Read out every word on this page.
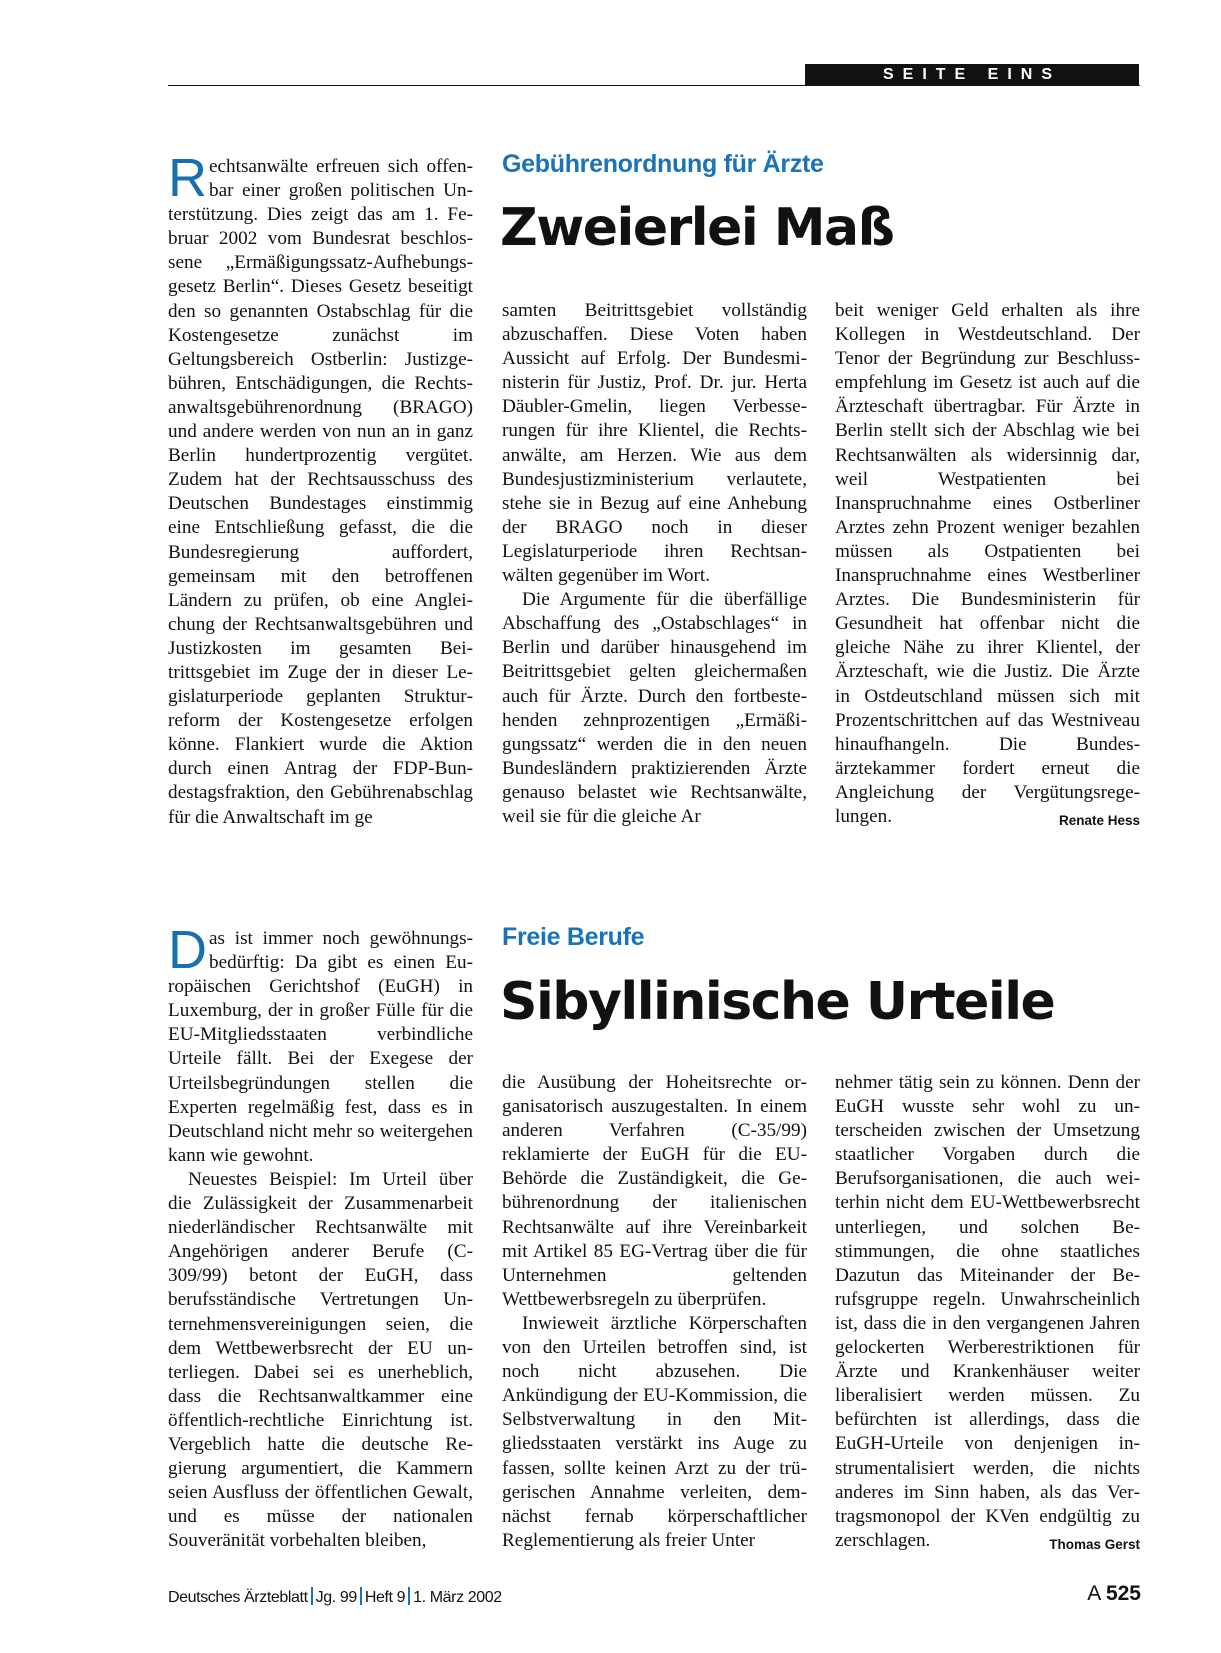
SEITE EINS
Gebührenordnung für Ärzte
Zweierlei Maß

Rechtsanwälte erfreuen sich offenbar einer großen politischen Unterstützung. Dies zeigt das am 1. Februar 2002 vom Bundesrat beschlossene „Ermäßigungssatz-Aufhebungsgesetz Berlin“. Dieses Gesetz beseitigt den so genannten Ostabschlag für die Kostengesetze zunächst im Geltungsbereich Ostberlin: Justizgebühren, Entschädigungen, die Rechtsanwaltsgebührenordnung (BRAGO) und andere werden von nun an in ganz Berlin hundertprozentig vergütet. Zudem hat der Rechtsausschuss des Deutschen Bundestages einstimmig eine Entschließung gefasst, die die Bundesregierung auffordert, gemeinsam mit den betroffenen Ländern zu prüfen, ob eine Angleichung der Rechtsanwaltsgebühren und Justizkosten im gesamten Beitrittsgebiet im Zuge der in dieser Legislaturperiode geplanten Strukturreform der Kostengesetze erfolgen könne. Flankiert wurde die Aktion durch einen Antrag der FDP-Bundestagsfraktion, den Gebührenabschlag für die Anwaltschaft im ge

samten Beitrittsgebiet vollständig abzuschaffen. Diese Voten haben Aussicht auf Erfolg. Der Bundesministerin für Justiz, Prof. Dr. jur. Herta Däubler-Gmelin, liegen Verbesserungen für ihre Klientel, die Rechtsanwälte, am Herzen. Wie aus dem Bundesjustizministerium verlautete, stehe sie in Bezug auf eine Anhebung der BRAGO noch in dieser Legislaturperiode ihren Rechtsanwälten gegenüber im Wort.

Die Argumente für die überfällige Abschaffung des „Ostabschlages“ in Berlin und darüber hinausgehend im Beitrittsgebiet gelten gleichermaßen auch für Ärzte. Durch den fortbestehenden zehnprozentigen „Ermäßigungssatz“ werden die in den neuen Bundesländern praktizierenden Ärzte genauso belastet wie Rechtsanwälte, weil sie für die gleiche Ar

beit weniger Geld erhalten als ihre Kollegen in Westdeutschland. Der Tenor der Begründung zur Beschlussempfehlung im Gesetz ist auch auf die Ärzteschaft übertragbar. Für Ärzte in Berlin stellt sich der Abschlag wie bei Rechtsanwälten als widersinnig dar, weil Westpatienten bei Inanspruchnahme eines Ostberliner Arztes zehn Prozent weniger bezahlen müssen als Ostpatienten bei Inanspruchnahme eines Westberliner Arztes. Die Bundesministerin für Gesundheit hat offenbar nicht die gleiche Nähe zu ihrer Klientel, der Ärzteschaft, wie die Justiz. Die Ärzte in Ostdeutschland müssen sich mit Prozentschrittchen auf das Westniveau hinaufhangeln. Die Bundesärztekammer fordert erneut die Angleichung der Vergütungsregelungen.	Renate Hess

Freie Berufe
Sibyllinische Urteile

Das ist immer noch gewöhnungsbedürftig: Da gibt es einen Europäischen Gerichtshof (EuGH) in Luxemburg, der in großer Fülle für die EU-Mitgliedsstaaten verbindliche Urteile fällt. Bei der Exegese der Urteilsbegründungen stellen die Experten regelmäßig fest, dass es in Deutschland nicht mehr so weitergehen kann wie gewohnt.

Neuestes Beispiel: Im Urteil über die Zulässigkeit der Zusammenarbeit niederländischer Rechtsanwälte mit Angehörigen anderer Berufe (C-309/99) betont der EuGH, dass berufsständische Vertretungen Unternehmensvereinigungen seien, die dem Wettbewerbsrecht der EU unterliegen. Dabei sei es unerheblich, dass die Rechtsanwaltkammer eine öffentlich-rechtliche Einrichtung ist. Vergeblich hatte die deutsche Regierung argumentiert, die Kammern seien Ausfluss der öffentlichen Gewalt, und es müsse der nationalen Souveränität vorbehalten bleiben,

die Ausübung der Hoheitsrechte organisatorisch auszugestalten. In einem anderen Verfahren (C-35/99) reklamierte der EuGH für die EU-Behörde die Zuständigkeit, die Gebührenordnung der italienischen Rechtsanwälte auf ihre Vereinbarkeit mit Artikel 85 EG-Vertrag über die für Unternehmen geltenden Wettbewerbsregeln zu überprüfen.

Inwieweit ärztliche Körperschaften von den Urteilen betroffen sind, ist noch nicht abzusehen. Die Ankündigung der EU-Kommission, die Selbstverwaltung in den Mitgliedsstaaten verstärkt ins Auge zu fassen, sollte keinen Arzt zu der trügerischen Annahme verleiten, demnächst fernab körperschaftlicher Reglementierung als freier Unter

nehmer tätig sein zu können. Denn der EuGH wusste sehr wohl zu unterscheiden zwischen der Umsetzung staatlicher Vorgaben durch die Berufsorganisationen, die auch weiterhin nicht dem EU-Wettbewerbsrecht unterliegen, und solchen Bestimmungen, die ohne staatliches Dazutun das Miteinander der Berufsgruppe regeln. Unwahrscheinlich ist, dass die in den vergangenen Jahren gelockerten Werberestriktionen für Ärzte und Krankenhäuser weiter liberalisiert werden müssen. Zu befürchten ist allerdings, dass die EuGH-Urteile von denjenigen instrumentalisiert werden, die nichts anderes im Sinn haben, als das Vertragsmonopol der KVen endgültig zu zerschlagen.	Thomas Gerst

Deutsches Ärzteblatt Jg. 99 Heft 9 1. März 2002	A 525
